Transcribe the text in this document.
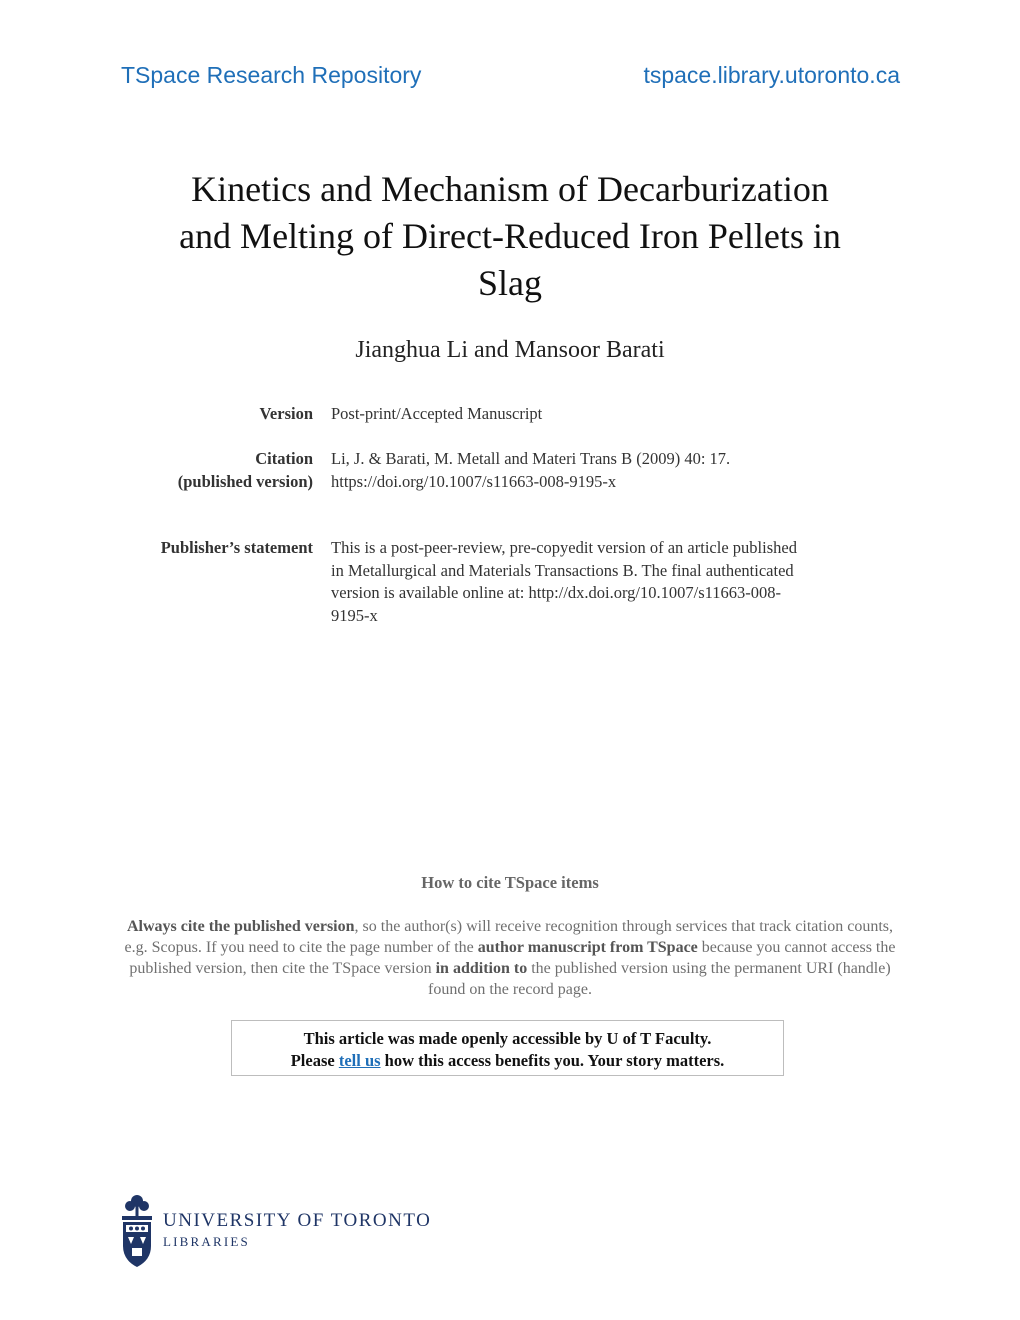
TSpace Research Repository	tspace.library.utoronto.ca
Kinetics and Mechanism of Decarburization
and Melting of Direct-Reduced Iron Pellets in
Slag
Jianghua Li and Mansoor Barati
Version Post-print/Accepted Manuscript
Citation
(published version)
Li, J. & Barati, M. Metall and Materi Trans B (2009) 40: 17.
https://doi.org/10.1007/s11663-008-9195-x
Publisher’s statement This is a post-peer-review, pre-copyedit version of an article published
in Metallurgical and Materials Transactions B. The final authenticated
version is available online at: http://dx.doi.org/10.1007/s11663-008-
9195-x
How to cite TSpace items
Always cite the published version, so the author(s) will receive recognition through services that track citation counts, e.g. Scopus. If you need to cite the page number of the author manuscript from TSpace because you cannot access the published version, then cite the TSpace version in addition to the published version using the permanent URI (handle) found on the record page.
This article was made openly accessible by U of T Faculty.
Please tell us how this access benefits you. Your story matters.
UNIVERSITY OF TORONTO
LIBRARIES
